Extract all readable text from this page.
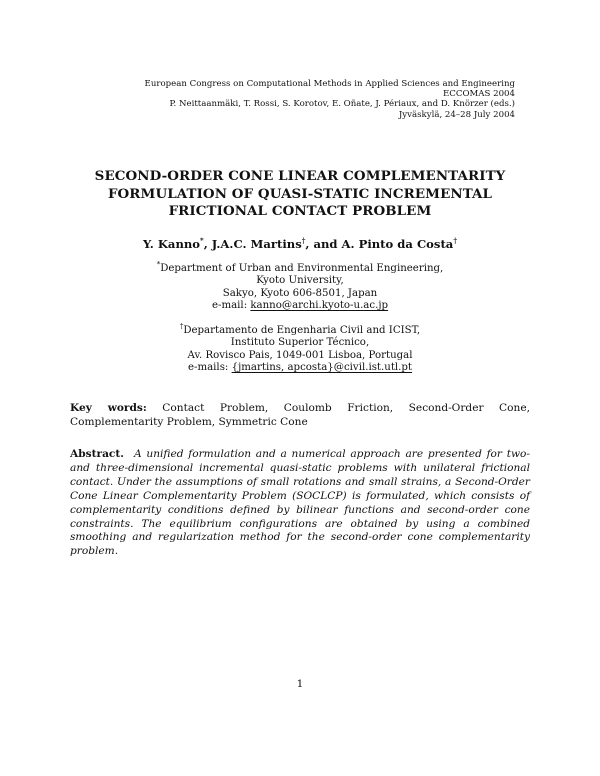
European Congress on Computational Methods in Applied Sciences and Engineering
ECCOMAS 2004
P. Neittaanmäki, T. Rossi, S. Korotov, E. Oñate, J. Périaux, and D. Knörzer (eds.)
Jyväskylä, 24–28 July 2004
SECOND-ORDER CONE LINEAR COMPLEMENTARITY
FORMULATION OF QUASI-STATIC INCREMENTAL
FRICTIONAL CONTACT PROBLEM
Y. Kanno*, J.A.C. Martins†, and A. Pinto da Costa†
*Department of Urban and Environmental Engineering,
Kyoto University,
Sakyo, Kyoto 606-8501, Japan
e-mail: kanno@archi.kyoto-u.ac.jp
†Departamento de Engenharia Civil and ICIST,
Instituto Superior Técnico,
Av. Rovisco Pais, 1049-001 Lisboa, Portugal
e-mails: {jmartins, apcosta}@civil.ist.utl.pt
Key words: Contact Problem, Coulomb Friction, Second-Order Cone, Complementarity Problem, Symmetric Cone
Abstract. A unified formulation and a numerical approach are presented for two- and three-dimensional incremental quasi-static problems with unilateral frictional contact. Under the assumptions of small rotations and small strains, a Second-Order Cone Linear Complementarity Problem (SOCLCP) is formulated, which consists of complementarity conditions defined by bilinear functions and second-order cone constraints. The equilibrium configurations are obtained by using a combined smoothing and regularization method for the second-order cone complementarity problem.
1
